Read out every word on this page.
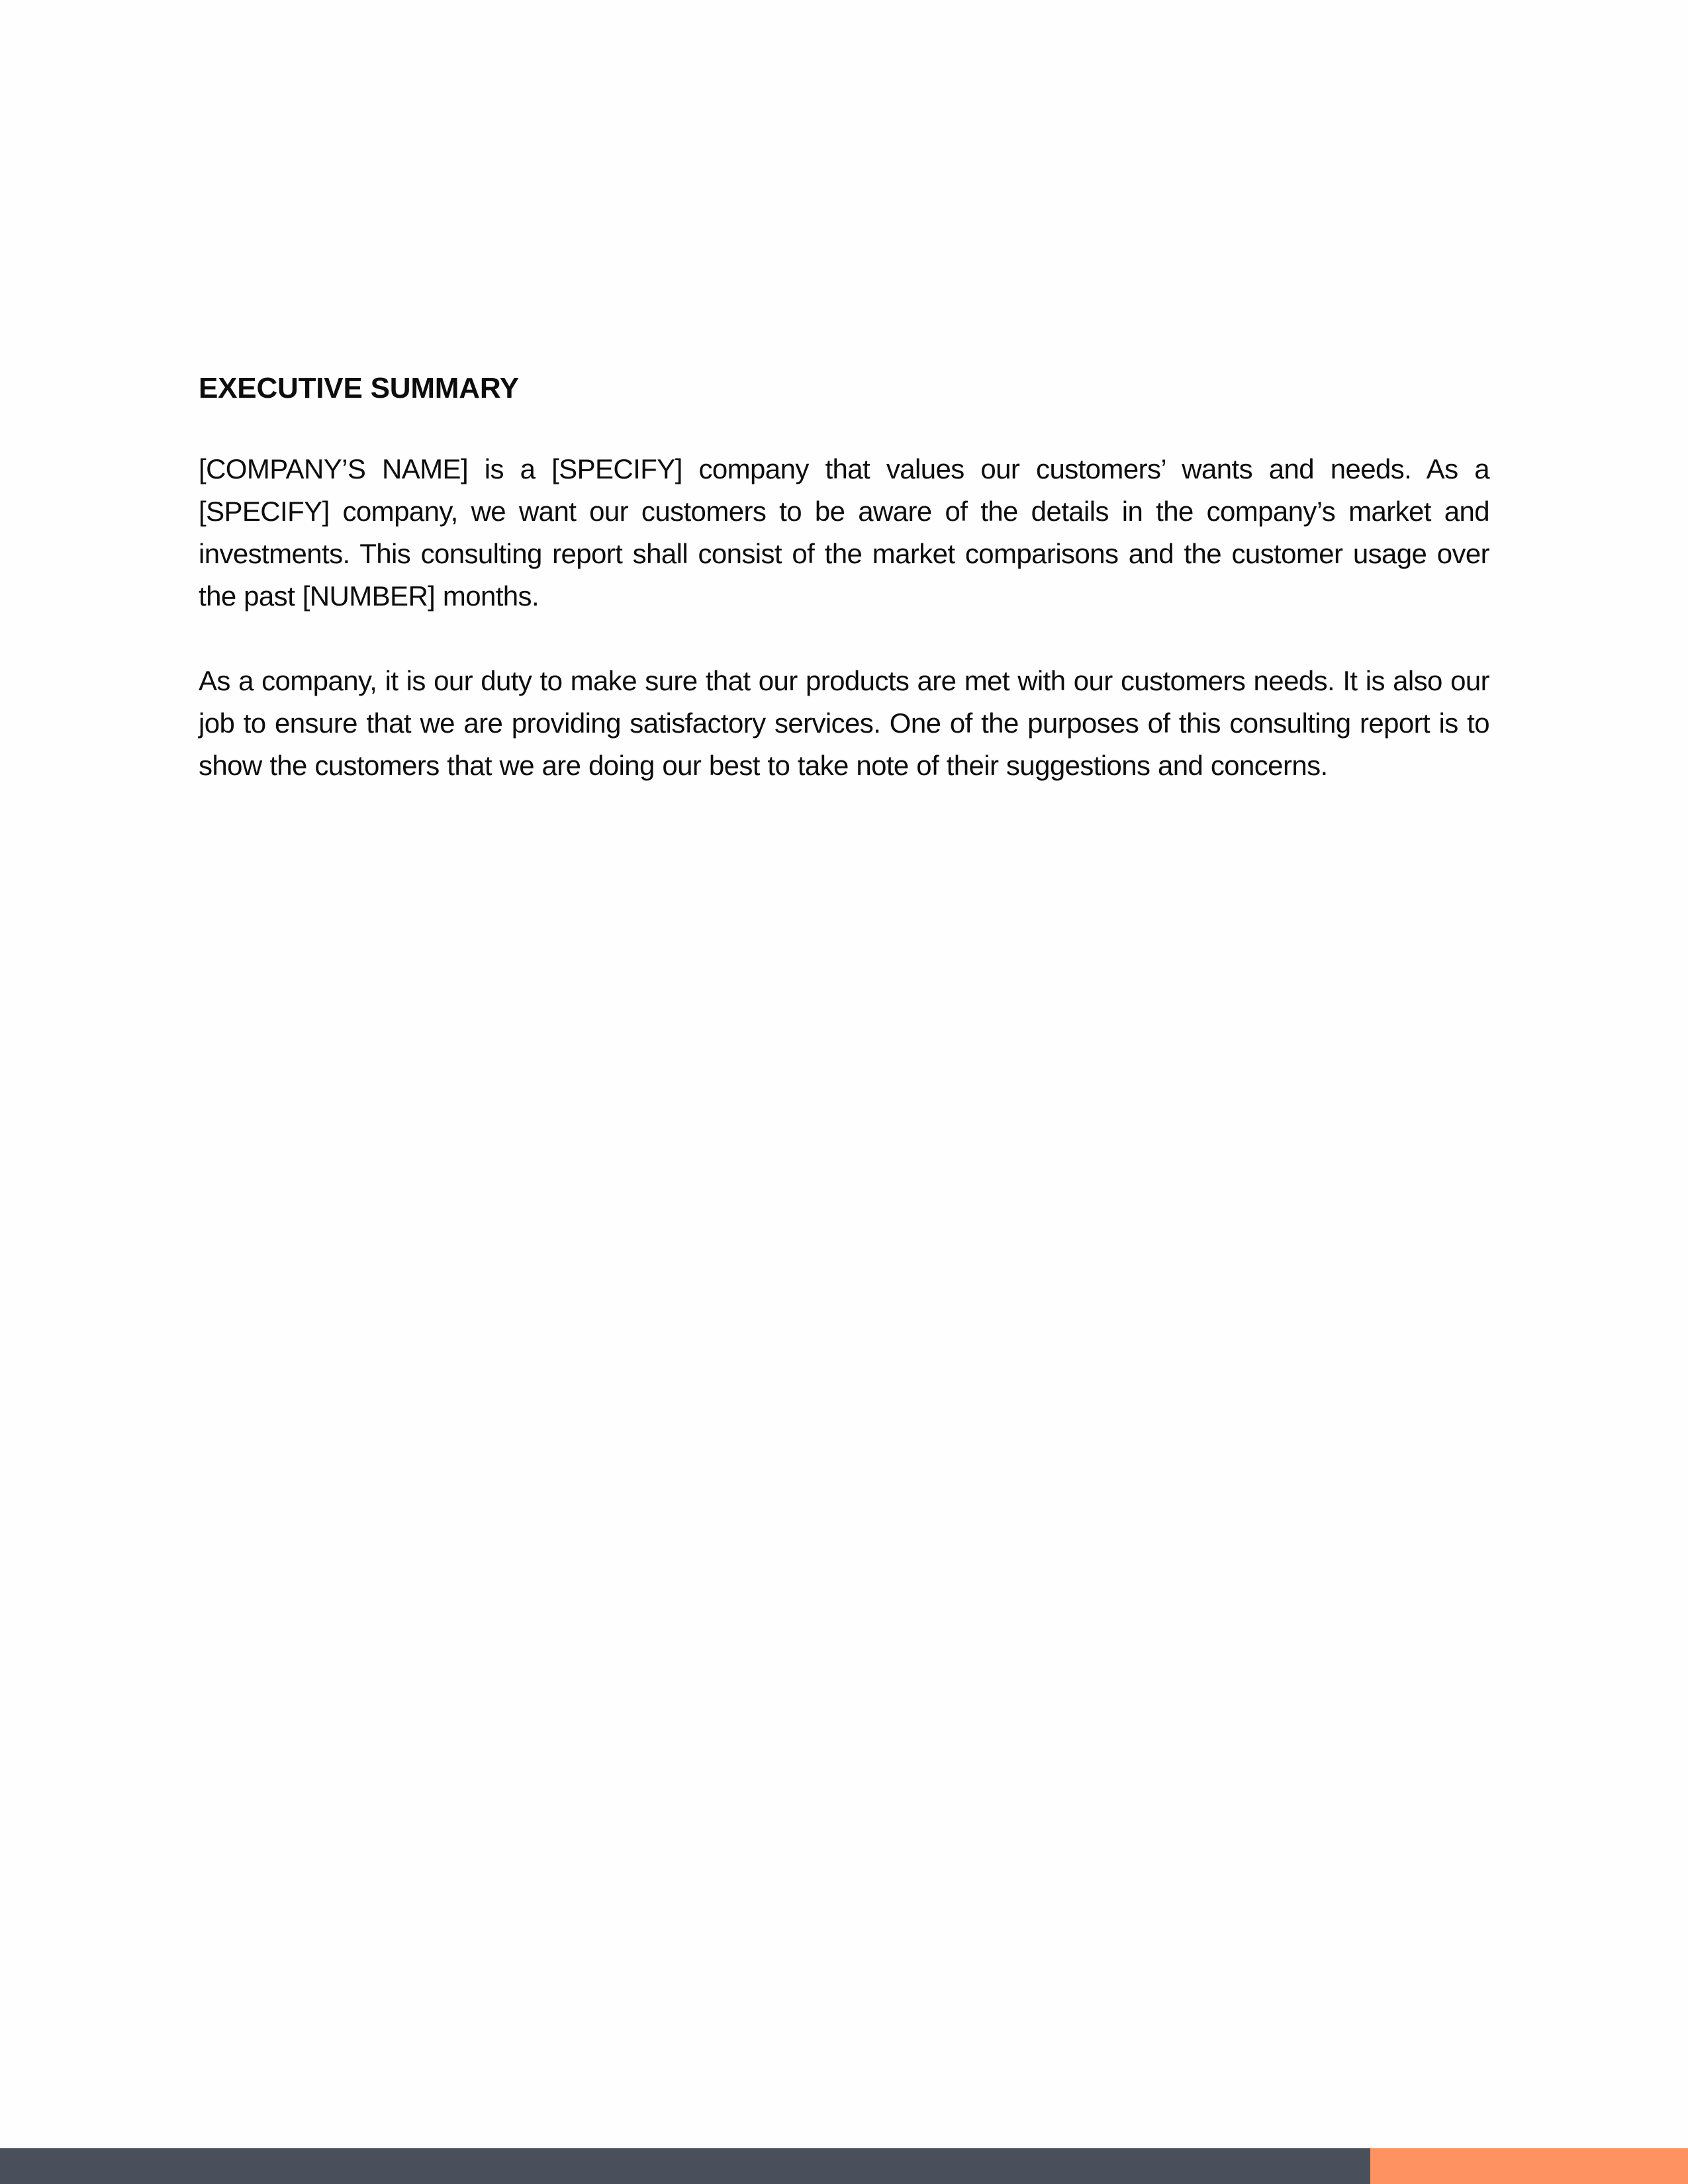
EXECUTIVE SUMMARY

[COMPANY’S NAME] is a [SPECIFY] company that values our customers’ wants and needs. As a [SPECIFY] company, we want our customers to be aware of the details in the company’s market and investments. This consulting report shall consist of the market comparisons and the customer usage over the past [NUMBER] months.

As a company, it is our duty to make sure that our products are met with our customers needs. It is also our job to ensure that we are providing satisfactory services. One of the purposes of this consulting report is to show the customers that we are doing our best to take note of their suggestions and concerns.
